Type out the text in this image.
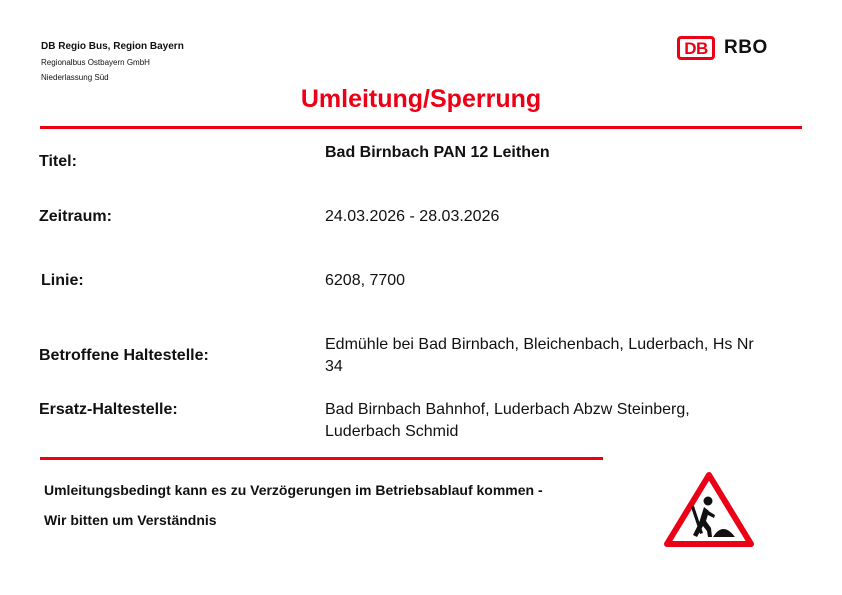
DB Regio Bus, Region Bayern
Regionalbus Ostbayern GmbH
Niederlassung Süd
DB RBO
Umleitung/Sperrung
Titel:
Bad Birnbach PAN 12 Leithen
Zeitraum:	24.03.2026 - 28.03.2026
Linie:	6208, 7700
Betroffene Haltestelle:
Edmühle bei Bad Birnbach, Bleichenbach, Luderbach, Hs Nr
34
Ersatz-Haltestelle:	Bad Birnbach Bahnhof, Luderbach Abzw Steinberg,
Luderbach Schmid
Umleitungsbedingt kann es zu Verzögerungen im Betriebsablauf kommen -
Wir bitten um Verständnis
